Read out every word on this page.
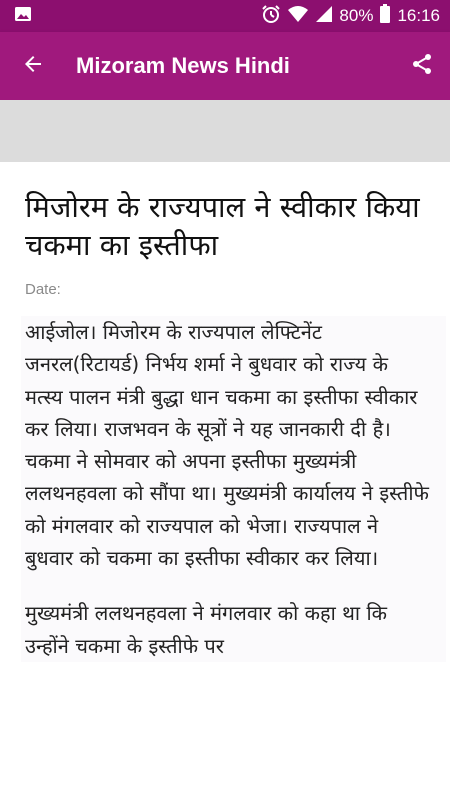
80% 16:16
Mizoram News Hindi
मिजोरम के राज्यपाल ने स्वीकार किया चकमा का इस्तीफा
Date:

आईजोल। मिजोरम के राज्यपाल लेफ्टिनेंट जनरल(रिटायर्ड) निर्भय शर्मा ने बुधवार को राज्य के मत्स्य पालन मंत्री बुद्धा धान चकमा का इस्तीफा स्वीकार कर लिया। राजभवन के सूत्रों ने यह जानकारी दी है। चकमा ने सोमवार को अपना इस्तीफा मुख्यमंत्री ललथनहवला को सौंपा था। मुख्यमंत्री कार्यालय ने इस्तीफे को मंगलवार को राज्यपाल को भेजा। राज्यपाल ने बुधवार को चकमा का इस्तीफा स्वीकार कर लिया।

मुख्यमंत्री ललथनहवला ने मंगलवार को कहा था कि उन्होंने चकमा के इस्तीफे पर
